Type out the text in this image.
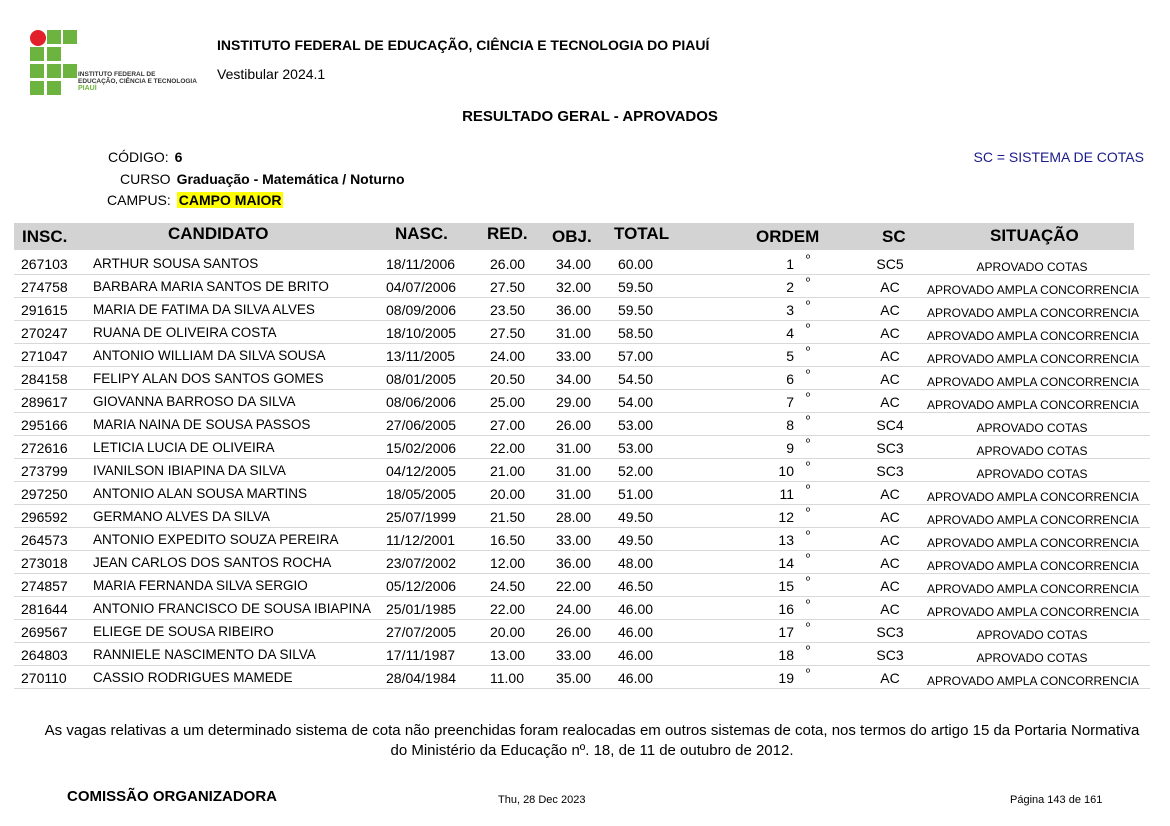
INSTITUTO FEDERAL DE
EDUCAÇÃO, CIÊNCIA E TECNOLOGIA
PIAUÍ
INSTITUTO FEDERAL DE EDUCAÇÃO, CIÊNCIA E TECNOLOGIA DO PIAUÍ
Vestibular 2024.1
RESULTADO GERAL - APROVADOS
CÓDIGO: 6
CURSO Graduação - Matemática / Noturno
CAMPUS: CAMPO MAIOR
SC = SISTEMA DE COTAS
INSC.	CANDIDATO	NASC. RED. OBJ. TOTAL	ORDEM	SC	SITUAÇÃO
267103 ARTHUR SOUSA SANTOS	18/11/2006 26.00 34.00 60.00	1 º	SC5	APROVADO COTAS
274758 BARBARA MARIA SANTOS DE BRITO	04/07/2006 27.50 32.00 59.50	2 º	AC	APROVADO AMPLA CONCORRENCIA
291615 MARIA DE FATIMA DA SILVA ALVES	08/09/2006 23.50 36.00 59.50	3 º	AC	APROVADO AMPLA CONCORRENCIA
270247 RUANA DE OLIVEIRA COSTA	18/10/2005 27.50 31.00 58.50	4 º	AC	APROVADO AMPLA CONCORRENCIA
271047 ANTONIO WILLIAM DA SILVA SOUSA	13/11/2005 24.00 33.00 57.00	5 º	AC	APROVADO AMPLA CONCORRENCIA
284158 FELIPY ALAN DOS SANTOS GOMES	08/01/2005 20.50 34.00 54.50	6 º	AC	APROVADO AMPLA CONCORRENCIA
289617 GIOVANNA BARROSO DA SILVA	08/06/2006 25.00 29.00 54.00	7 º	AC	APROVADO AMPLA CONCORRENCIA
295166 MARIA NAINA DE SOUSA PASSOS	27/06/2005 27.00 26.00 53.00	8 º	SC4	APROVADO COTAS
272616 LETICIA LUCIA DE OLIVEIRA	15/02/2006 22.00 31.00 53.00	9 º	SC3	APROVADO COTAS
273799 IVANILSON IBIAPINA DA SILVA	04/12/2005 21.00 31.00 52.00	10 º	SC3	APROVADO COTAS
297250 ANTONIO ALAN SOUSA MARTINS	18/05/2005 20.00 31.00 51.00	11 º	AC	APROVADO AMPLA CONCORRENCIA
296592 GERMANO ALVES DA SILVA	25/07/1999 21.50 28.00 49.50	12 º	AC	APROVADO AMPLA CONCORRENCIA
264573 ANTONIO EXPEDITO SOUZA PEREIRA	11/12/2001 16.50 33.00 49.50	13 º	AC	APROVADO AMPLA CONCORRENCIA
273018 JEAN CARLOS DOS SANTOS ROCHA	23/07/2002 12.00 36.00 48.00	14 º	AC	APROVADO AMPLA CONCORRENCIA
274857 MARIA FERNANDA SILVA SERGIO	05/12/2006 24.50 22.00 46.50	15 º	AC	APROVADO AMPLA CONCORRENCIA
281644 ANTONIO FRANCISCO DE SOUSA IBIAPINA 25/01/1985 22.00 24.00 46.00	16 º	AC	APROVADO AMPLA CONCORRENCIA
269567 ELIEGE DE SOUSA RIBEIRO	27/07/2005 20.00 26.00 46.00	17 º	SC3	APROVADO COTAS
264803 RANNIELE NASCIMENTO DA SILVA	17/11/1987 13.00 33.00 46.00	18 º	SC3	APROVADO COTAS
270110 CASSIO RODRIGUES MAMEDE	28/04/1984 11.00 35.00 46.00	19 º	AC	APROVADO AMPLA CONCORRENCIA
As vagas relativas a um determinado sistema de cota não preenchidas foram realocadas em outros sistemas de cota, nos termos do artigo 15 da Portaria Normativa do Ministério da Educação nº. 18, de 11 de outubro de 2012.
COMISSÃO ORGANIZADORA	Thu, 28 Dec 2023	Página 143 de 161
